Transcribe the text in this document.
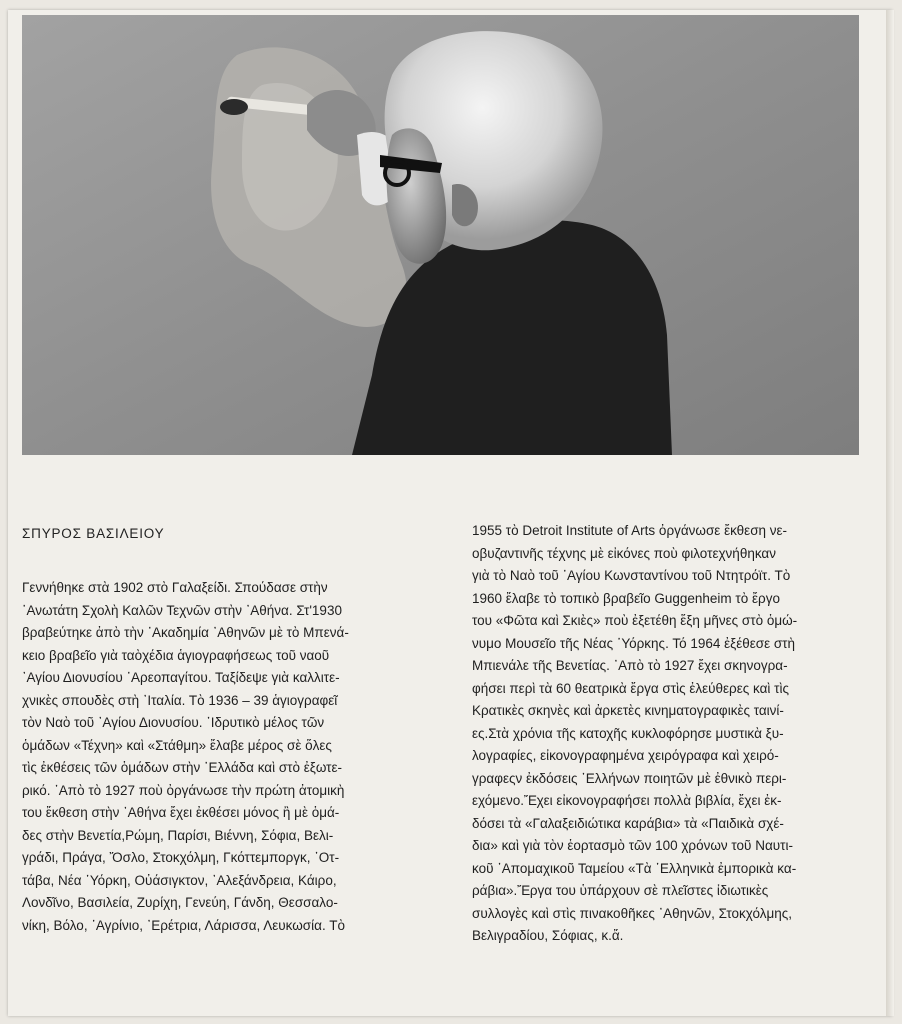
ΣΠΥΡΟΣ ΒΑΣΙΛΕΙΟΥ
Γεννήθηκε στὰ 1902 στὸ Γαλαξείδι. Σπούδασε στὴν
῾Ανωτάτη Σχολὴ Καλῶν Τεχνῶν στὴν ᾿Αθήνα. Στ'1930
βραβεύτηκε ἀπὸ τὴν ᾿Ακαδημία ᾿Αθηνῶν μὲ τὸ Μπενά-
κειο βραβεῖο γιὰ ταὸχέδια ἁγιογραφήσεως τοῦ ναοῦ
᾿Αγίου Διονυσίου ᾿Αρεοπαγίτου. Ταξίδεψε γιὰ καλλιτε-
χνικὲς σπουδὲς στὴ ᾿Ιταλία. Τὸ 1936 – 39 ἁγιογραφεῖ
τὸν Ναὸ τοῦ ᾿Αγίου Διονυσίου. ᾿Ιδρυτικὸ μέλος τῶν
ὁμάδων «Τέχνη» καὶ «Στάθμη» ἔλαβε μέρος σὲ ὅλες
τὶς ἐκθέσεις τῶν ὁμάδων στὴν ῾Ελλάδα καὶ στὸ ἐξωτε-
ρικό. ᾿Απὸ τὸ 1927 ποὺ ὀργάνωσε τὴν πρώτη ἀτομικὴ
του ἔκθεση στὴν ᾿Αθήνα ἔχει ἐκθέσει μόνος ἢ μὲ ὁμά-
δες στὴν Βενετία,Ρώμη, Παρίσι, Βιέννη, Σόφια, Βελι-
γράδι, Πράγα, Ὄσλο, Στοκχόλμη, Γκόττεμποργκ, ᾿Οτ-
τάβα, Νέα ῾Υόρκη, Οὐάσιγκτον, ᾿Αλεξάνδρεια, Κάιρο,
Λονδῖνο, Βασιλεία, Ζυρίχη, Γενεύη, Γάνδη, Θεσσαλο-
νίκη, Βόλο, ᾿Αγρίνιο, ᾿Ερέτρια, Λάρισσα, Λευκωσία. Τὸ
1955 τὸ Detroit Institute of Arts ὀργάνωσε ἔκθεση νε-
οβυζαντινῆς τέχνης μὲ εἰκόνες ποὺ φιλοτεχνήθηκαν
γιὰ τὸ Ναὸ τοῦ ᾿Αγίου Κωνσταντίνου τοῦ Ντητρόϊτ. Τὸ
1960 ἔλαβε τὸ τοπικὸ βραβεῖο Guggenheim τὸ ἔργο
του «Φῶτα καὶ Σκιὲς» ποὺ ἐξετέθη ἕξη μῆνες στὸ ὁμώ-
νυμο Μουσεῖο τῆς Νέας ῾Υόρκης. Τό 1964 ἐξέθεσε στὴ
Μπιενάλε τῆς Βενετίας. ᾿Απὸ τὸ 1927 ἔχει σκηνογρα-
φήσει περὶ τὰ 60 θεατρικὰ ἔργα στὶς ἐλεύθερες καὶ τὶς
Κρατικὲς σκηνὲς καὶ ἀρκετὲς κινηματογραφικὲς ταινί-
ες.Στὰ χρόνια τῆς κατοχῆς κυκλοφόρησε μυστικὰ ξυ-
λογραφίες, εἰκονογραφημένα χειρόγραφα καὶ χειρό-
γραφεςν ἐκδόσεις ῾Ελλήνων ποιητῶν μὲ ἐθνικὸ περι-
εχόμενο.Ἔχει εἰκονογραφήσει πολλὰ βιβλία, ἔχει ἐκ-
δόσει τὰ «Γαλαξειδιώτικα καράβια» τὰ «Παιδικὰ σχέ-
δια» καὶ γιὰ τὸν ἑορτασμὸ τῶν 100 χρόνων τοῦ Ναυτι-
κοῦ ᾿Απομαχικοῦ Ταμείου «Τὰ ῾Ελληνικὰ ἐμπορικὰ κα-
ράβια».Ἔργα του ὑπάρχουν σὲ πλεῖστες ἰδιωτικὲς
συλλογὲς καὶ στὶς πινακοθῆκες ᾿Αθηνῶν, Στοκχόλμης,
Βελιγραδίου, Σόφιας, κ.ἄ.
